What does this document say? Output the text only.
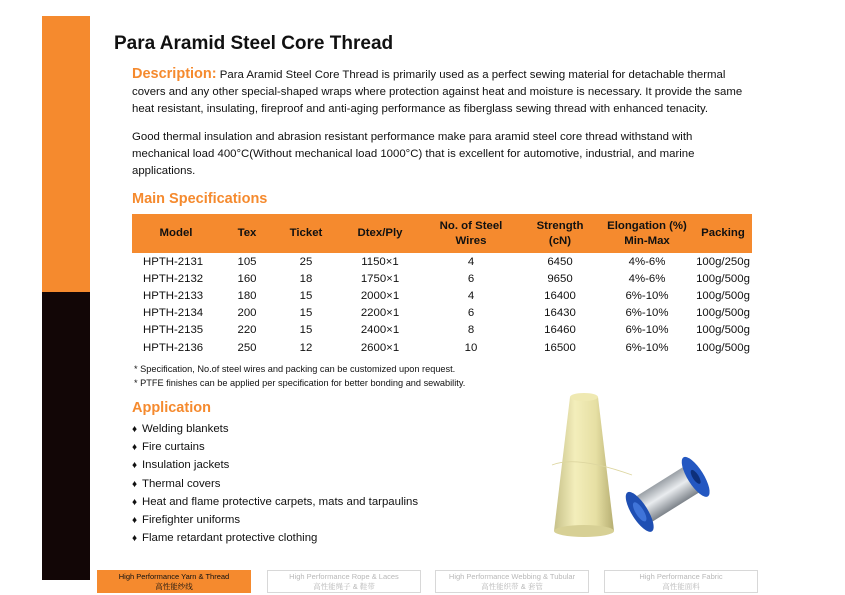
Para Aramid Steel Core Thread

Description: Para Aramid Steel Core Thread is primarily used as a perfect sewing material for detachable thermal covers and any other special-shaped wraps where protection against heat and moisture is necessary. It provide the same heat resistant, insulating, fireproof and anti-aging performance as fiberglass sewing thread with enhanced tenacity.

Good thermal insulation and abrasion resistant performance make para aramid steel core thread withstand with mechanical load 400°C(Without mechanical load 1000°C) that is excellent for automotive, industrial, and marine applications.

Main Specifications
Model	Tex	Ticket	Dtex/Ply	No. of Steel Wires	Strength (cN)	Elongation (%) Min-Max	Packing
HPTH-2131	105	25	1150×1	4	6450	4%-6%	100g/250g
HPTH-2132	160	18	1750×1	6	9650	4%-6%	100g/500g
HPTH-2133	180	15	2000×1	4	16400	6%-10%	100g/500g
HPTH-2134	200	15	2200×1	6	16430	6%-10%	100g/500g
HPTH-2135	220	15	2400×1	8	16460	6%-10%	100g/500g
HPTH-2136	250	12	2600×1	10	16500	6%-10%	100g/500g
* Specification, No.of steel wires and packing can be customized upon request.
* PTFE finishes can be applied per specification for better bonding and sewability.
Application
♦ Welding blankets
♦ Fire curtains
♦ Insulation jackets
♦ Thermal covers
♦ Heat and flame protective carpets, mats and tarpaulins
♦ Firefighter uniforms
♦ Flame retardant protective clothing
High Performance Yarn & Thread
高性能纱线
High Performance Rope & Laces
高性能绳子 & 鞋带
High Performance Webbing & Tubular
高性能织带 & 套管
High Performance Fabric
高性能面料
